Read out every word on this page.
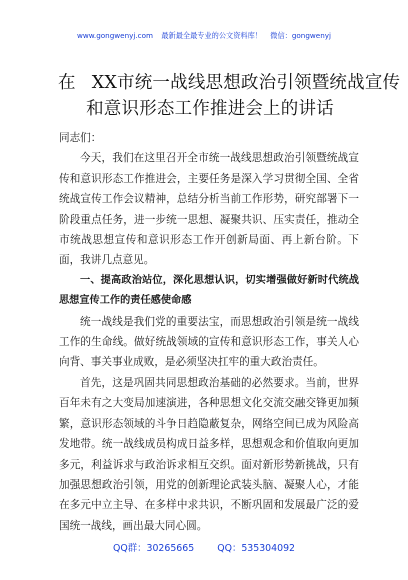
www.gongwenyj.com 最新最全最专业的公文资料库！ 微信：gongwenyj
在 XX市统一战线思想政治引领暨统战宣传
和意识形态工作推进会上的讲话

同志们：

今天，我们在这里召开全市统一战线思想政治引领暨统战宣传和意识形态工作推进会，主要任务是深入学习贯彻全国、全省统战宣传工作会议精神，总结分析当前工作形势，研究部署下一阶段重点任务，进一步统一思想、凝聚共识、压实责任，推动全市统战思想宣传和意识形态工作开创新局面、再上新台阶。下面，我讲几点意见。

一、提高政治站位，深化思想认识，切实增强做好新时代统战思想宣传工作的责任感使命感

统一战线是我们党的重要法宝，而思想政治引领是统一战线工作的生命线。做好统战领域的宣传和意识形态工作，事关人心向背、事关事业成败，是必须坚决扛牢的重大政治责任。

首先，这是巩固共同思想政治基础的必然要求。当前，世界百年未有之大变局加速演进，各种思想文化交流交融交锋更加频繁，意识形态领域的斗争日趋隐蔽复杂，网络空间已成为风险高发地带。统一战线成员构成日益多样，思想观念和价值取向更加多元，利益诉求与政治诉求相互交织。面对新形势新挑战，只有加强思想政治引领，用党的创新理论武装头脑、凝聚人心，才能在多元中立主导、在多样中求共识，不断巩固和发展最广泛的爱国统一战线，画出最大同心圆。

QQ群：30265665 QQ：535304092
